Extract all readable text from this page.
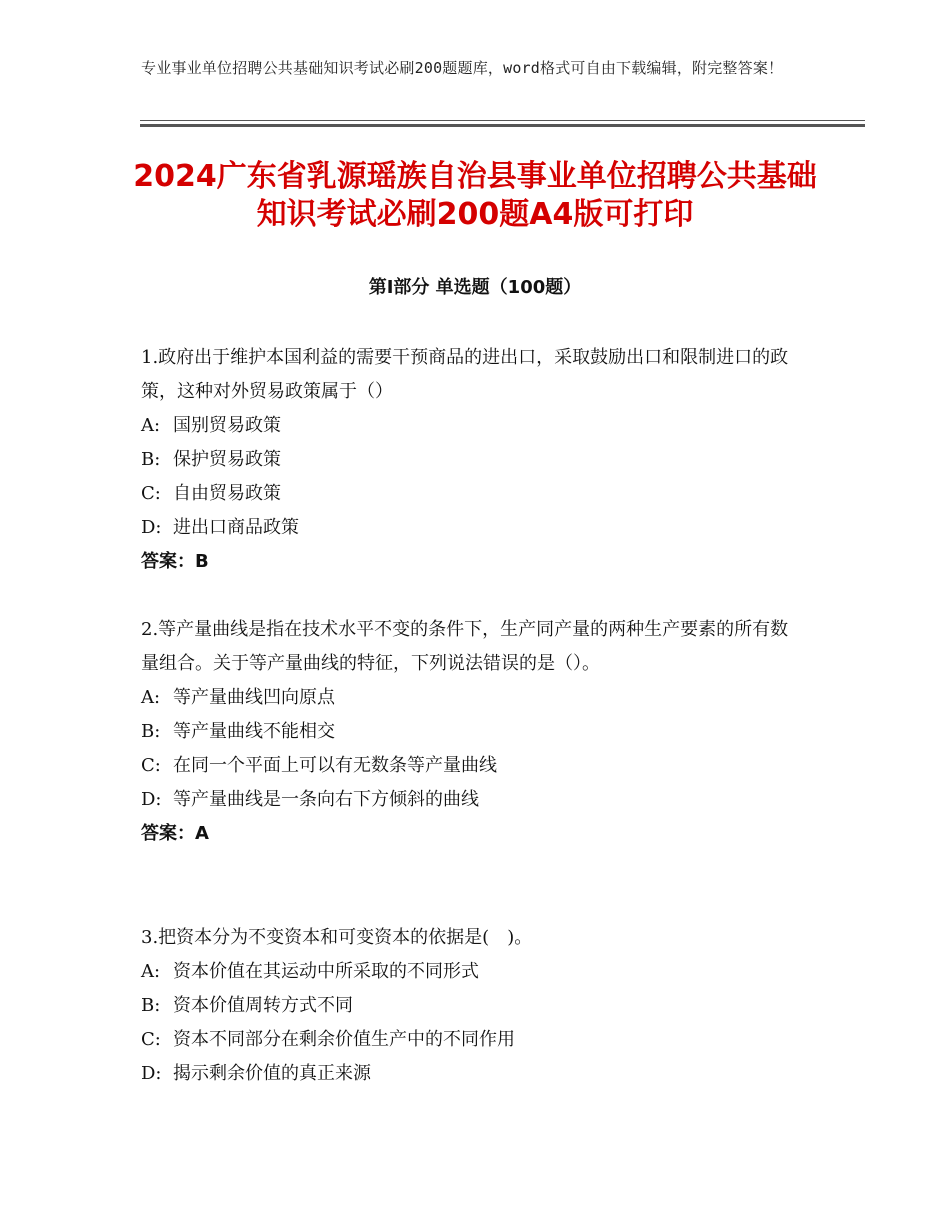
专业事业单位招聘公共基础知识考试必刷200题题库，word格式可自由下载编辑，附完整答案！
2024广东省乳源瑶族自治县事业单位招聘公共基础知识考试必刷200题A4版可打印
第Ⅰ部分 单选题（100题）

1.政府出于维护本国利益的需要干预商品的进出口，采取鼓励出口和限制进口的政策，这种对外贸易政策属于（）

A: 国别贸易政策

B: 保护贸易政策

C: 自由贸易政策

D: 进出口商品政策

答案：B

2.等产量曲线是指在技术水平不变的条件下，生产同产量的两种生产要素的所有数量组合。关于等产量曲线的特征，下列说法错误的是（）。

A: 等产量曲线凹向原点

B: 等产量曲线不能相交

C: 在同一个平面上可以有无数条等产量曲线

D: 等产量曲线是一条向右下方倾斜的曲线

答案：A

3.把资本分为不变资本和可变资本的依据是(　)。

A: 资本价值在其运动中所采取的不同形式

B: 资本价值周转方式不同

C: 资本不同部分在剩余价值生产中的不同作用

D: 揭示剩余价值的真正来源
